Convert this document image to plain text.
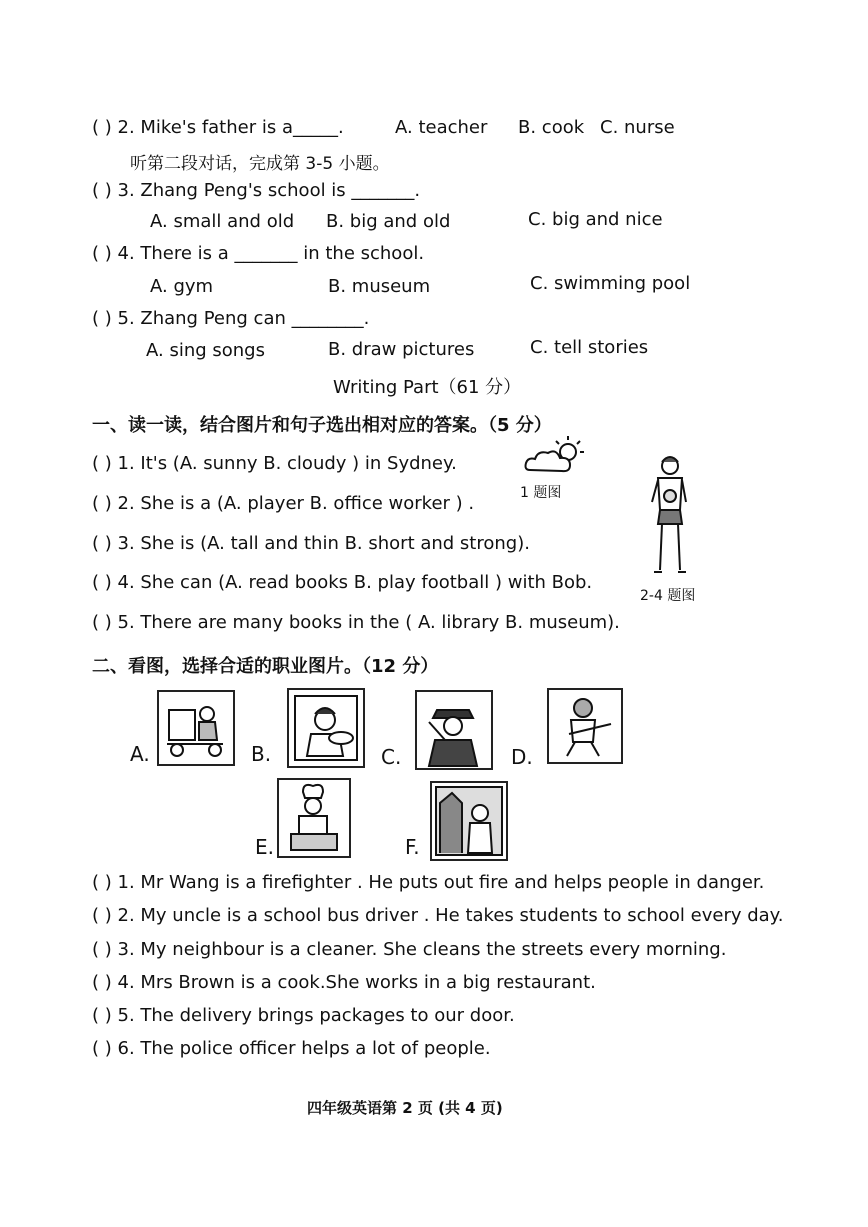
( ) 2. Mike's father is a_____.	A. teacher B. cook C. nurse
听第二段对话，完成第 3-5 小题。
( ) 3. Zhang Peng's school is _______.
A. small and old B. big and old	C. big and nice
( ) 4. There is a _______ in the school.
A. gym	B. museum	C. swimming pool
( ) 5. Zhang Peng can ________.
A. sing songs	B. draw pictures	C. tell stories
Writing Part（61 分）
一、读一读，结合图片和句子选出相对应的答案。（5 分）
( ) 1. It's (A. sunny B. cloudy ) in Sydney.
( ) 2. She is a (A. player B. office worker ) .
( ) 3. She is (A. tall and thin B. short and strong).
( ) 4. She can (A. read books B. play football ) with Bob.
( ) 5. There are many books in the ( A. library B. museum).
1 题图
2-4 题图
二、看图，选择合适的职业图片。（12 分）
A.	B.	C.	D.
E.	F.
( ) 1. Mr Wang is a firefighter . He puts out fire and helps people in danger.
( ) 2. My uncle is a school bus driver . He takes students to school every day.
( ) 3. My neighbour is a cleaner. She cleans the streets every morning.
( ) 4. Mrs Brown is a cook.She works in a big restaurant.
( ) 5. The delivery brings packages to our door.
( ) 6. The police officer helps a lot of people.
四年级英语第 2 页 (共 4 页)
